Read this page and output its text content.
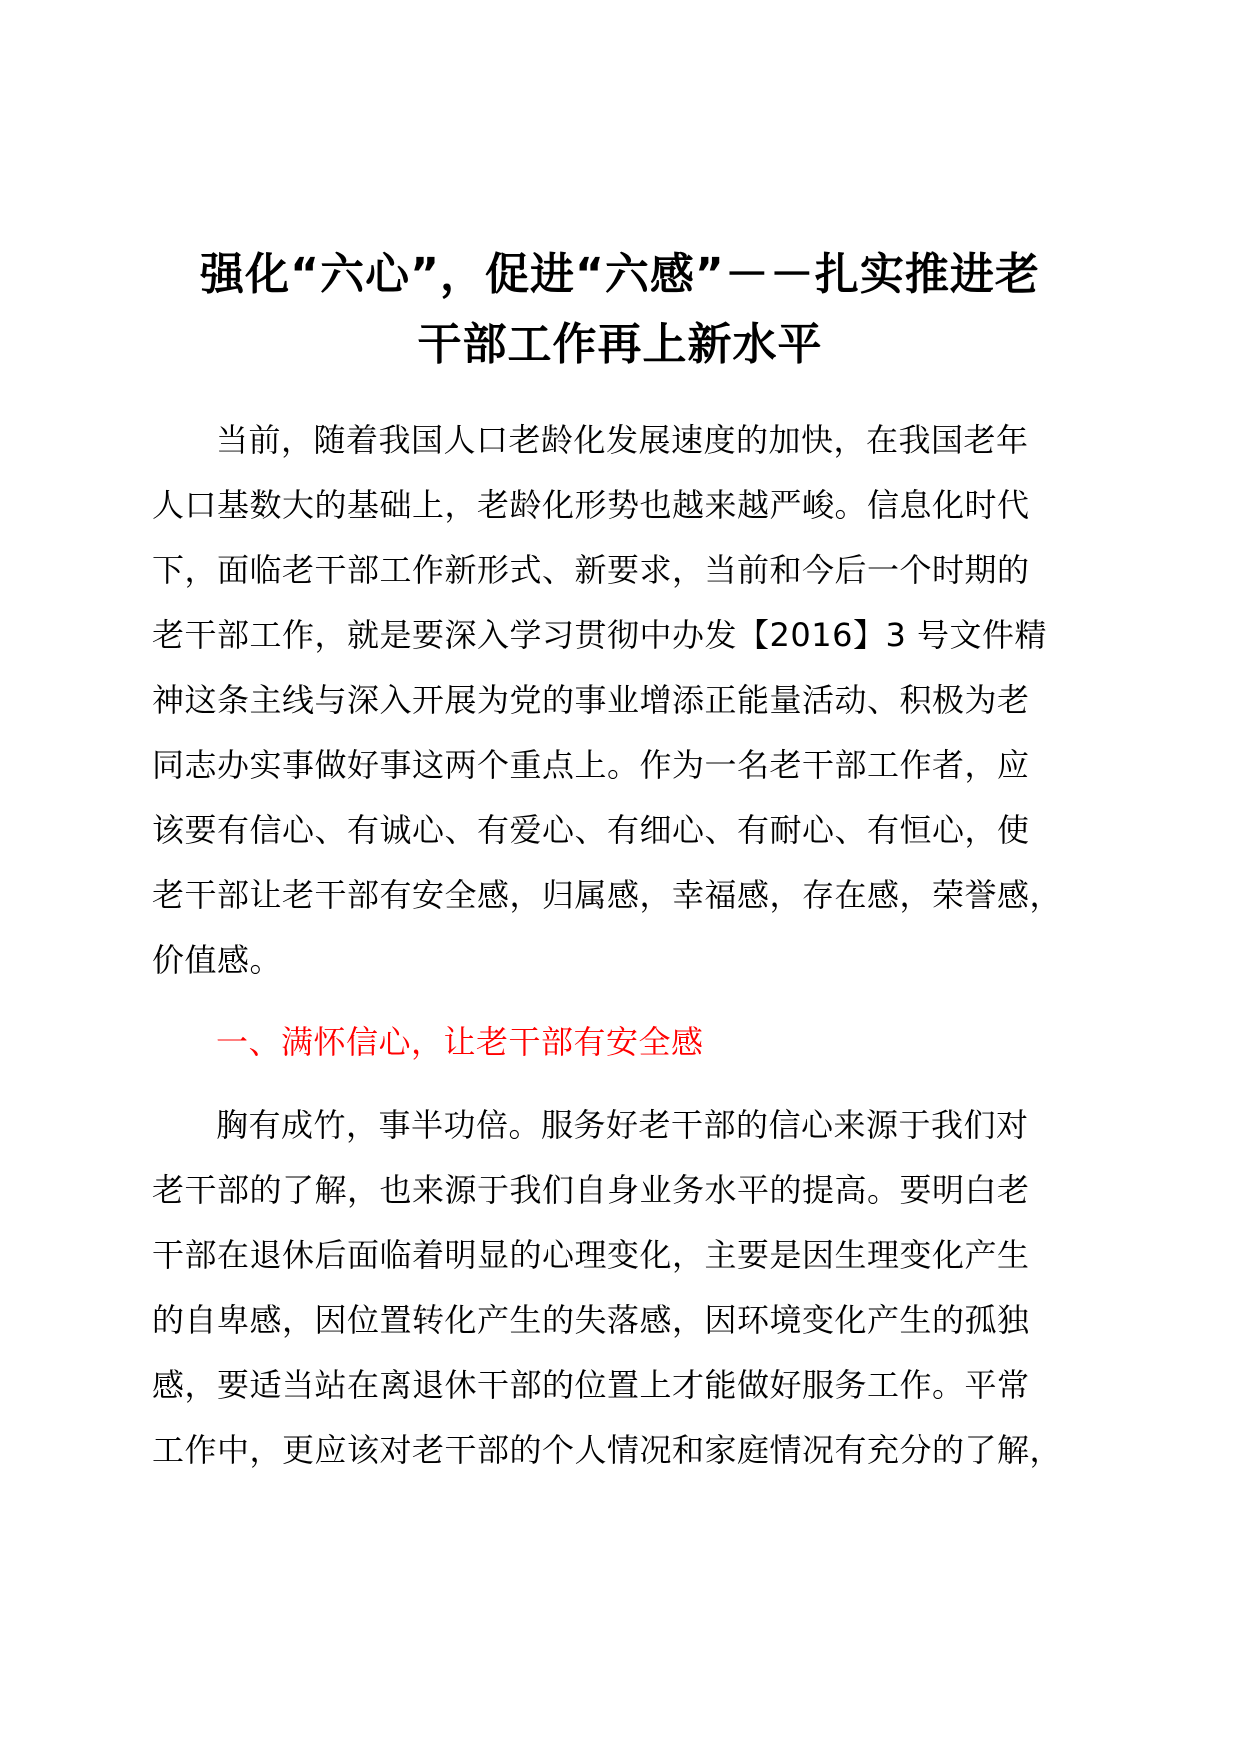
强化“六心”，促进“六感”－－扎实推进老
干部工作再上新水平
当前，随着我国人口老龄化发展速度的加快，在我国老年
人口基数大的基础上，老龄化形势也越来越严峻。信息化时代
下，面临老干部工作新形式、新要求，当前和今后一个时期的
老干部工作，就是要深入学习贯彻中办发【2016】3 号文件精
神这条主线与深入开展为党的事业增添正能量活动、积极为老
同志办实事做好事这两个重点上。作为一名老干部工作者，应
该要有信心、有诚心、有爱心、有细心、有耐心、有恒心，使
老干部让老干部有安全感，归属感，幸福感，存在感，荣誉感，
价值感。
一、满怀信心，让老干部有安全感
胸有成竹，事半功倍。服务好老干部的信心来源于我们对
老干部的了解，也来源于我们自身业务水平的提高。要明白老
干部在退休后面临着明显的心理变化，主要是因生理变化产生
的自卑感，因位置转化产生的失落感，因环境变化产生的孤独
感，要适当站在离退休干部的位置上才能做好服务工作。平常
工作中，更应该对老干部的个人情况和家庭情况有充分的了解，
